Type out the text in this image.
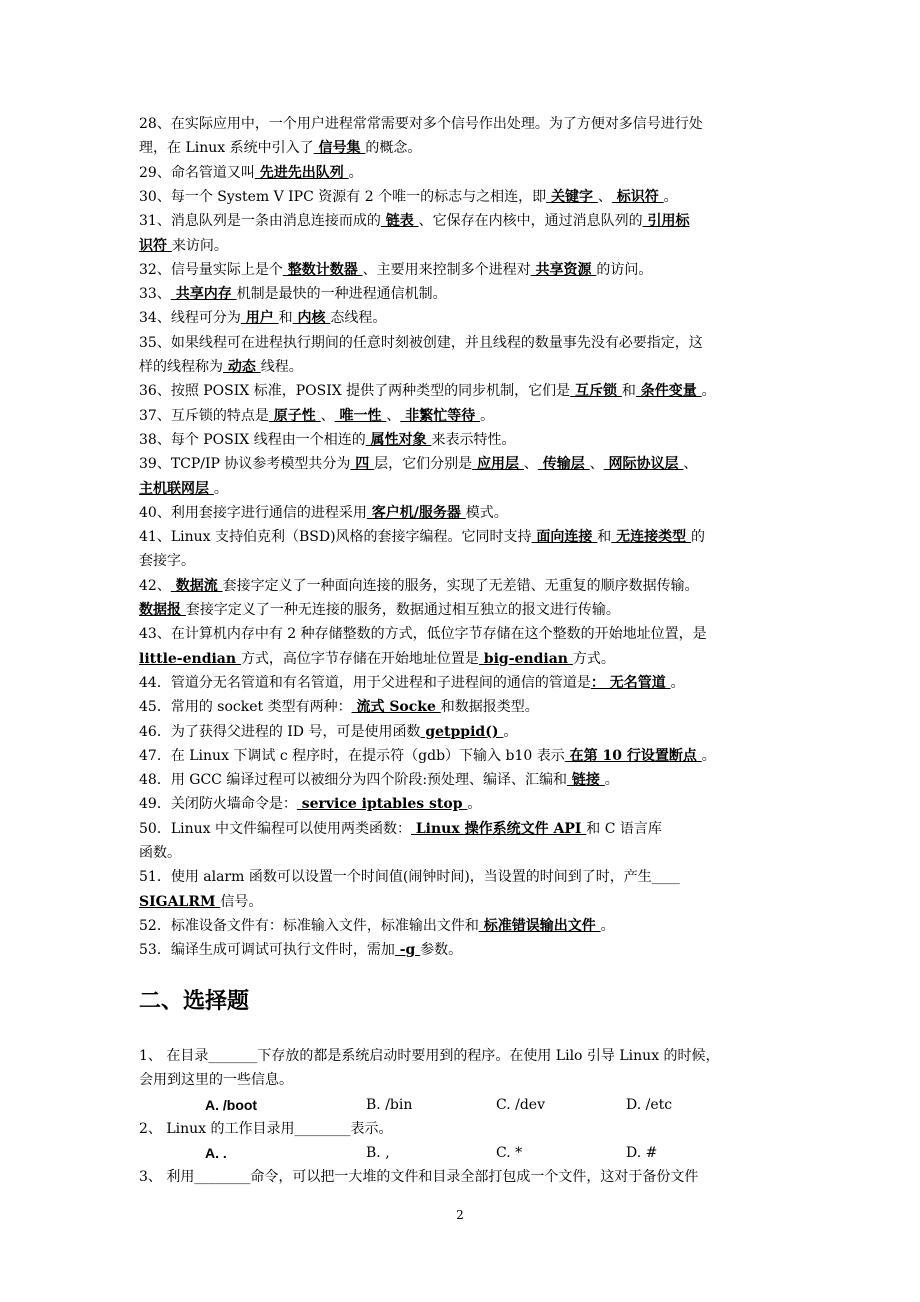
28、在实际应用中，一个用户进程常常需要对多个信号作出处理。为了方便对多信号进行处
理，在 Linux 系统中引入了 信号集 的概念。
29、命名管道又叫 先进先出队列 。
30、每一个 System V IPC 资源有 2 个唯一的标志与之相连，即 关键字 、 标识符 。
31、消息队列是一条由消息连接而成的 链表 、它保存在内核中，通过消息队列的 引用标
识符 来访问。
32、信号量实际上是个 整数计数器 、主要用来控制多个进程对 共享资源 的访问。
33、 共享内存 机制是最快的一种进程通信机制。
34、线程可分为 用户 和 内核 态线程。
35、如果线程可在进程执行期间的任意时刻被创建，并且线程的数量事先没有必要指定，这
样的线程称为 动态 线程。
36、按照 POSIX 标准，POSIX 提供了两种类型的同步机制，它们是 互斥锁 和 条件变量 。
37、互斥锁的特点是 原子性 、 唯一性 、 非繁忙等待 。
38、每个 POSIX 线程由一个相连的 属性对象 来表示特性。
39、TCP/IP 协议参考模型共分为 四 层，它们分别是 应用层 、 传输层 、 网际协议层 、
主机联网层 。
40、利用套接字进行通信的进程采用 客户机/服务器 模式。
41、Linux 支持伯克利（BSD)风格的套接字编程。它同时支持 面向连接 和 无连接类型 的
套接字。
42、 数据流 套接字定义了一种面向连接的服务，实现了无差错、无重复的顺序数据传输。
数据报 套接字定义了一种无连接的服务，数据通过相互独立的报文进行传输。
43、在计算机内存中有 2 种存储整数的方式，低位字节存储在这个整数的开始地址位置，是
little-endian 方式，高位字节存储在开始地址位置是 big-endian 方式。
44．管道分无名管道和有名管道，用于父进程和子进程间的通信的管道是： 无名管道 。
45．常用的 socket 类型有两种： 流式 Socke 和数据报类型。
46．为了获得父进程的 ID 号，可是使用函数 getppid() 。
47．在 Linux 下调试 c 程序时，在提示符（gdb）下输入 b10 表示 在第 10 行设置断点 。
48．用 GCC 编译过程可以被细分为四个阶段:预处理、编译、汇编和 链接 。
49．关闭防火墙命令是： service iptables stop 。
50．Linux 中文件编程可以使用两类函数： Linux 操作系统文件 API 和 C 语言库
函数。
51．使用 alarm 函数可以设置一个时间值(闹钟时间)，当设置的时间到了时，产生____
SIGALRM 信号。
52．标准设备文件有：标准输入文件，标准输出文件和 标准错误输出文件 。
53．编译生成可调试可执行文件时，需加 -g 参数。
二、选择题
1、 在目录_______下存放的都是系统启动时要用到的程序。在使用 Lilo 引导 Linux 的时候，
会用到这里的一些信息。
A. /boot	B. /bin	C. /dev	D. /etc
2、 Linux 的工作目录用________表示。
A. .	B. ,	C. *	D. #
3、 利用________命令，可以把一大堆的文件和目录全部打包成一个文件，这对于备份文件
2
